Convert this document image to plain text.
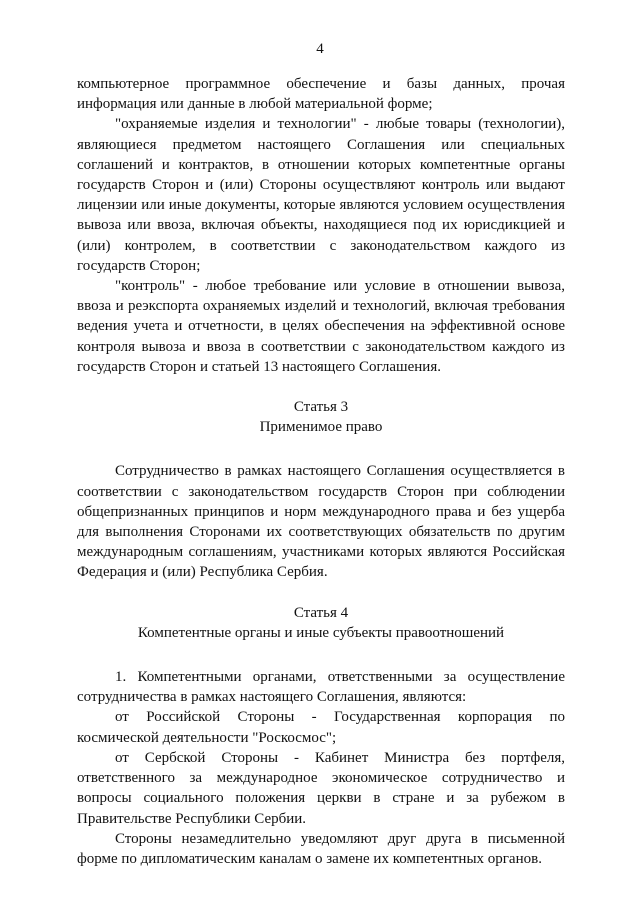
4

компьютерное программное обеспечение и базы данных, прочая информация или данные в любой материальной форме;

"охраняемые изделия и технологии" - любые товары (технологии), являющиеся предметом настоящего Соглашения или специальных соглашений и контрактов, в отношении которых компетентные органы государств Сторон и (или) Стороны осуществляют контроль или выдают лицензии или иные документы, которые являются условием осуществления вывоза или ввоза, включая объекты, находящиеся под их юрисдикцией и (или) контролем, в соответствии с законодательством каждого из государств Сторон;

"контроль" - любое требование или условие в отношении вывоза, ввоза и реэкспорта охраняемых изделий и технологий, включая требования ведения учета и отчетности, в целях обеспечения на эффективной основе контроля вывоза и ввоза в соответствии с законодательством каждого из государств Сторон и статьей 13 настоящего Соглашения.

Статья 3

Применимое право

Сотрудничество в рамках настоящего Соглашения осуществляется в соответствии с законодательством государств Сторон при соблюдении общепризнанных принципов и норм международного права и без ущерба для выполнения Сторонами их соответствующих обязательств по другим международным соглашениям, участниками которых являются Российская Федерация и (или) Республика Сербия.

Статья 4

Компетентные органы и иные субъекты правоотношений

1. Компетентными органами, ответственными за осуществление сотрудничества в рамках настоящего Соглашения, являются:

от Российской Стороны - Государственная корпорация по космической деятельности "Роскосмос";

от Сербской Стороны - Кабинет Министра без портфеля, ответственного за международное экономическое сотрудничество и вопросы социального положения церкви в стране и за рубежом в Правительстве Республики Сербии.

Стороны незамедлительно уведомляют друг друга в письменной форме по дипломатическим каналам о замене их компетентных органов.
